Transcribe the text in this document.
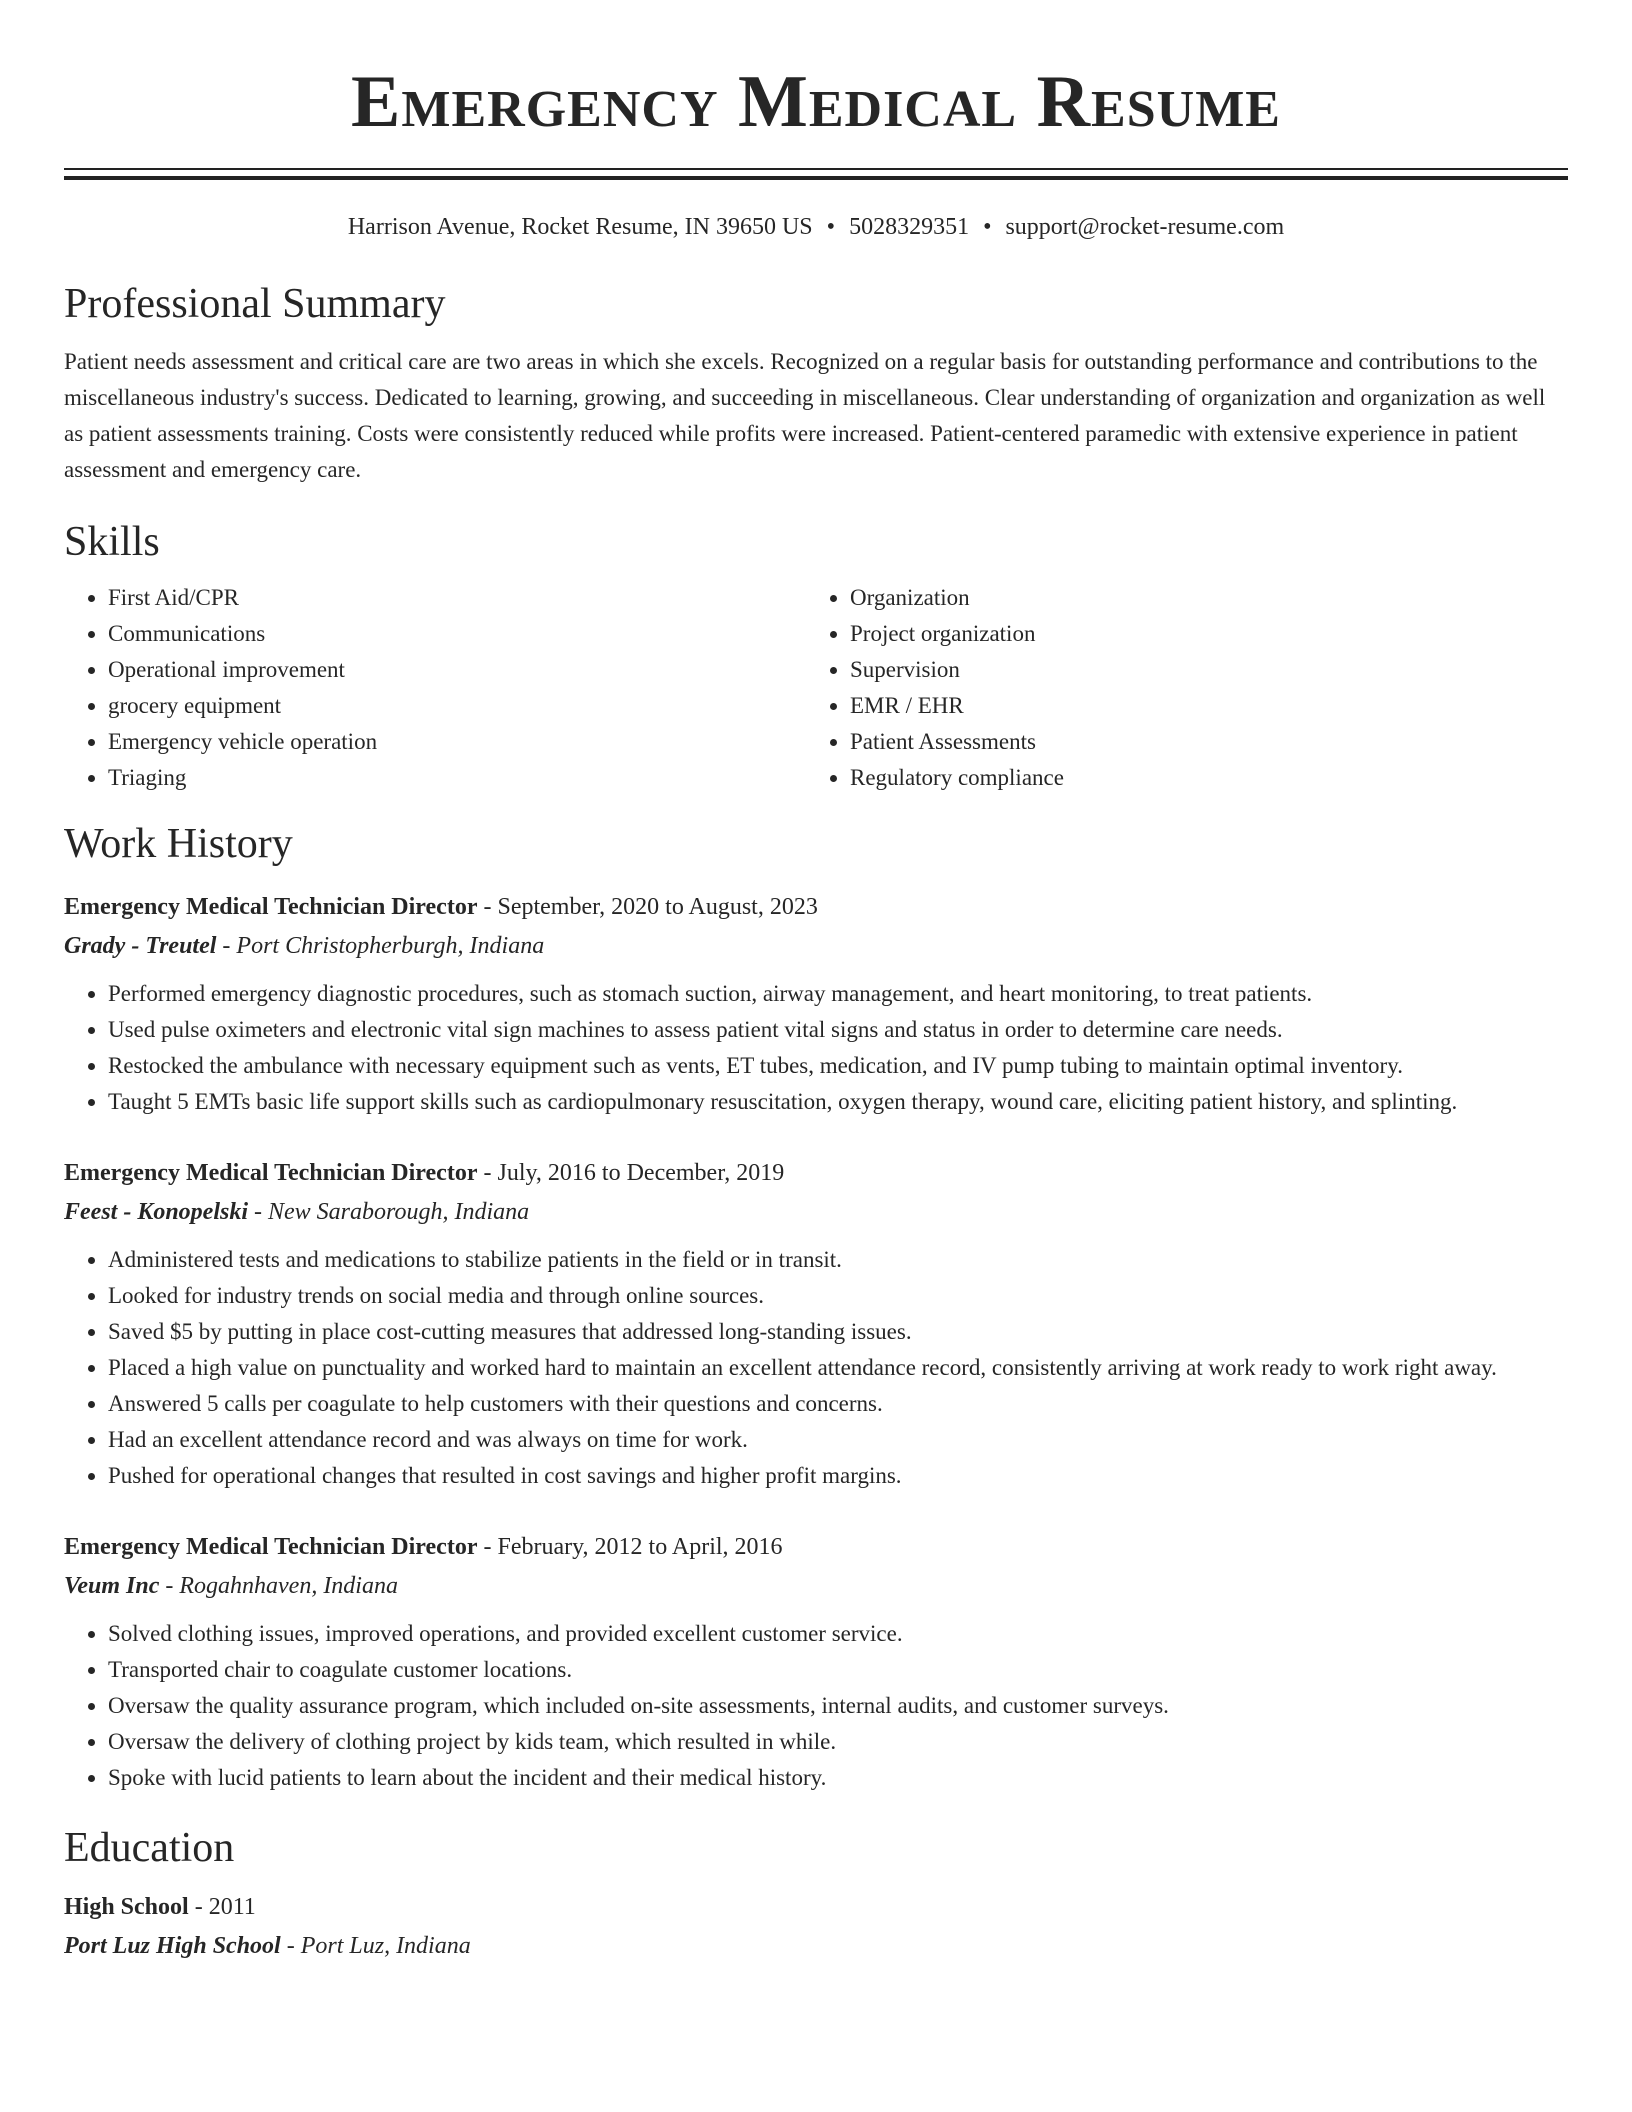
Emergency Medical Resume
Harrison Avenue, Rocket Resume, IN 39650 US • 5028329351 • support@rocket-resume.com
Professional Summary

Patient needs assessment and critical care are two areas in which she excels. Recognized on a regular basis for outstanding performance and contributions to the miscellaneous industry's success. Dedicated to learning, growing, and succeeding in miscellaneous. Clear understanding of organization and organization as well as patient assessments training. Costs were consistently reduced while profits were increased. Patient-centered paramedic with extensive experience in patient assessment and emergency care.

Skills
• First Aid/CPR
• Communications
• Operational improvement
• grocery equipment
• Emergency vehicle operation
• Triaging
• Organization
• Project organization
• Supervision
• EMR / EHR
• Patient Assessments
• Regulatory compliance
Work History
Emergency Medical Technician Director - September, 2020 to August, 2023
Grady - Treutel - Port Christopherburgh, Indiana
• Performed emergency diagnostic procedures, such as stomach suction, airway management, and heart monitoring, to treat patients.
• Used pulse oximeters and electronic vital sign machines to assess patient vital signs and status in order to determine care needs.
• Restocked the ambulance with necessary equipment such as vents, ET tubes, medication, and IV pump tubing to maintain optimal inventory.
• Taught 5 EMTs basic life support skills such as cardiopulmonary resuscitation, oxygen therapy, wound care, eliciting patient history, and splinting.
Emergency Medical Technician Director - July, 2016 to December, 2019
Feest - Konopelski - New Saraborough, Indiana
• Administered tests and medications to stabilize patients in the field or in transit.
• Looked for industry trends on social media and through online sources.
• Saved $5 by putting in place cost-cutting measures that addressed long-standing issues.
• Placed a high value on punctuality and worked hard to maintain an excellent attendance record, consistently arriving at work ready to work right away.
• Answered 5 calls per coagulate to help customers with their questions and concerns.
• Had an excellent attendance record and was always on time for work.
• Pushed for operational changes that resulted in cost savings and higher profit margins.
Emergency Medical Technician Director - February, 2012 to April, 2016
Veum Inc - Rogahnhaven, Indiana
• Solved clothing issues, improved operations, and provided excellent customer service.
• Transported chair to coagulate customer locations.
• Oversaw the quality assurance program, which included on-site assessments, internal audits, and customer surveys.
• Oversaw the delivery of clothing project by kids team, which resulted in while.
• Spoke with lucid patients to learn about the incident and their medical history.
Education
High School - 2011
Port Luz High School - Port Luz, Indiana
